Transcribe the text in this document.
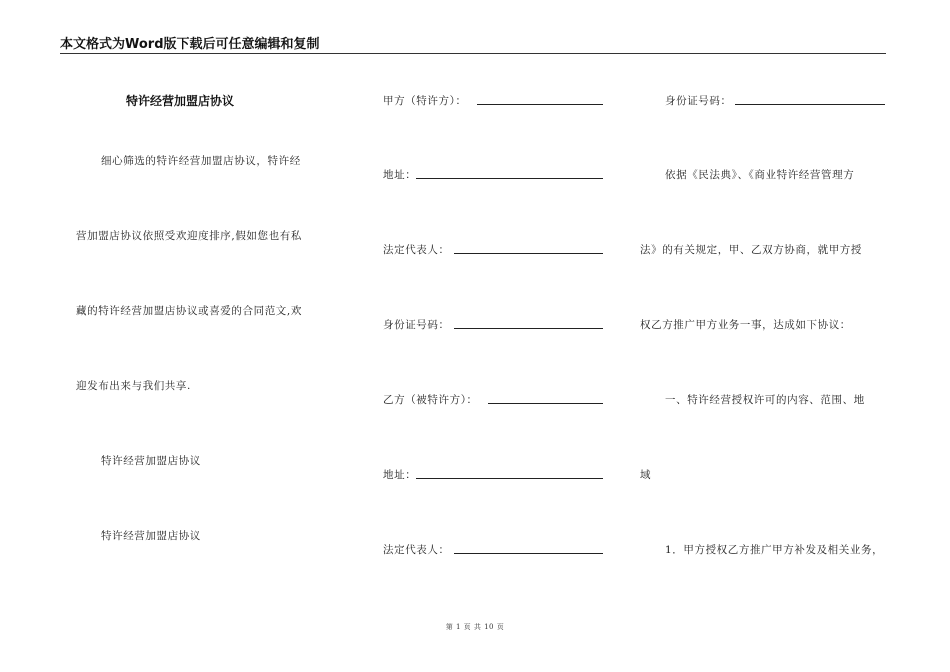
本文格式为Word版下载后可任意编辑和复制
特许经营加盟店协议
细心筛选的特许经营加盟店协议，特许经
营加盟店协议依照受欢迎度排序,假如您也有私
藏的特许经营加盟店协议或喜爱的合同范文,欢
迎发布出来与我们共享.
特许经营加盟店协议
特许经营加盟店协议
甲方（特许方）：
地址：
法定代表人：
身份证号码：
乙方（被特许方）：
地址：
法定代表人：
身份证号码：
依据《民法典》、《商业特许经营管理方
法》的有关规定，甲、乙双方协商，就甲方授
权乙方推广甲方业务一事，达成如下协议：
一、特许经营授权许可的内容、范围、地
域
1．甲方授权乙方推广甲方补发及相关业务，
第 1 页 共 10 页
